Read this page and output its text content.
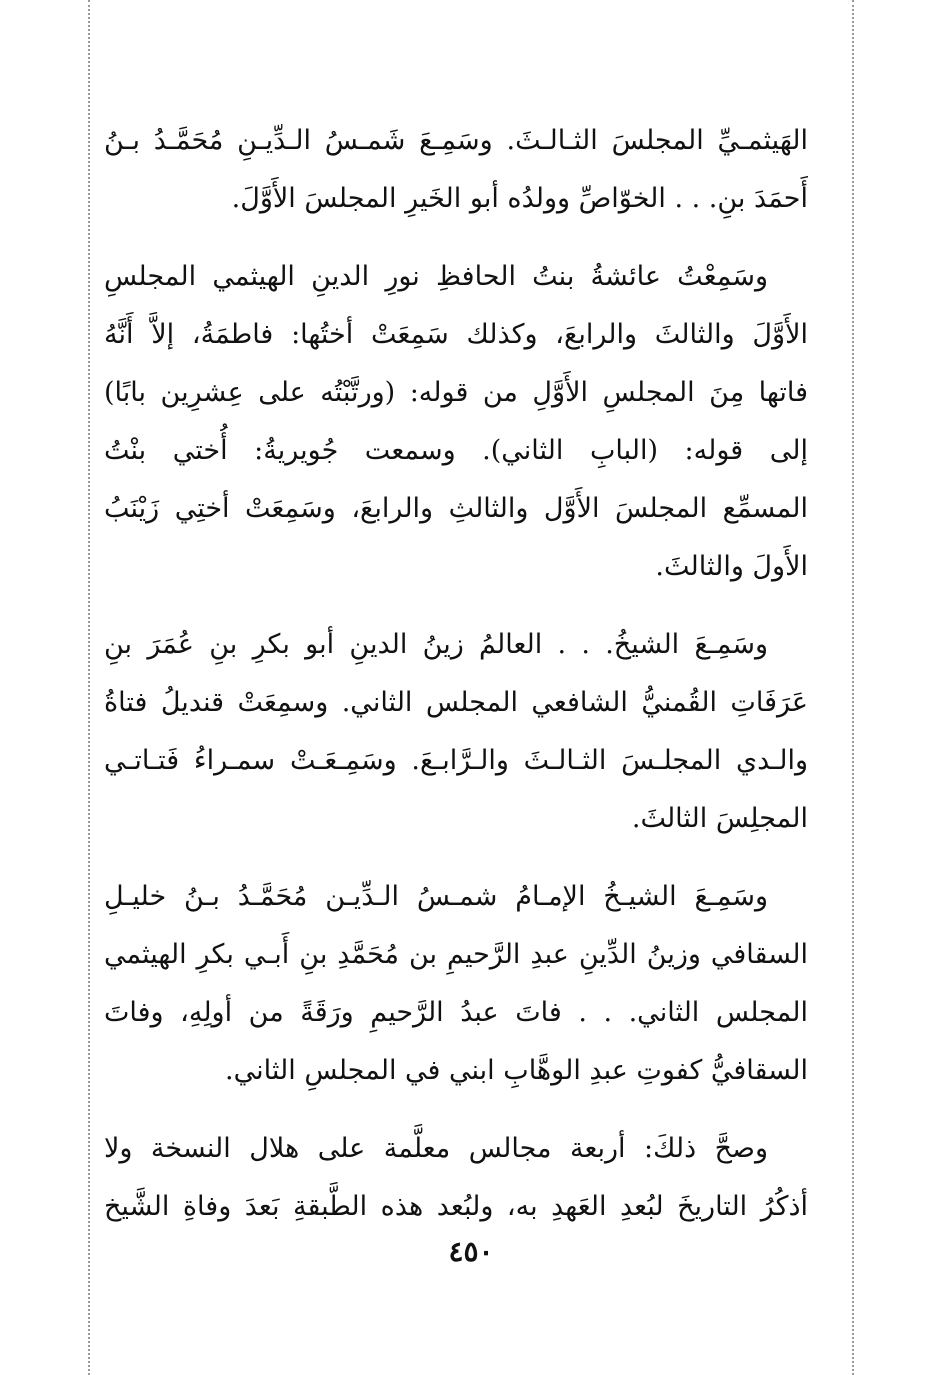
الهَيثمـيِّ المجلسَ الثـالـثَ. وسَمِـعَ شَمـسُ الـدِّيـنِ مُحَمَّـدُ بـنُ
أَحمَدَ بنِ. . . الخوّاصِّ وولدُه أبو الخَيرِ المجلسَ الأَوَّلَ.

وسَمِعْتُ عائشةُ بنتُ الحافظِ نورِ الدينِ الهيثمي المجلسِ
الأَوَّلَ والثالثَ والرابعَ، وكذلك سَمِعَتْ أختُها: فاطمَةُ، إلاَّ أَنَّهُ
فاتها مِنَ المجلسِ الأَوَّلِ من قوله: (ورتَّبْتُه على عِشرِين بابًا)
إلى قوله: (البابِ الثاني). وسمعت جُويريةُ: أُختي بنْتُ
المسمِّع المجلسَ الأَوَّل والثالثِ والرابعَ، وسَمِعَتْ أختِي زَيْنَبُ
الأَولَ والثالثَ.

وسَمِـعَ الشيخُ. . . العالمُ زينُ الدينِ أبو بكرِ بنِ عُمَرَ بنِ
عَرَفَاتِ القُمنيُّ الشافعي المجلس الثاني. وسمِعَتْ قنديلُ فتاةُ
والـدي المجلـسَ الثـالـثَ والـرَّابـعَ. وسَمِـعَـتْ سمـراءُ فَتـاتـي
المجلِسَ الثالثَ.

وسَمِـعَ الشيـخُ الإمـامُ شمـسُ الـدِّيـن مُحَمَّـدُ بـنُ خليـلِ
السقافي وزينُ الدِّينِ عبدِ الرَّحيمِ بن مُحَمَّدِ بنِ أَبـي بكرِ الهيثمي
المجلس الثاني. . . فاتَ عبدُ الرَّحيمِ ورَقَةً من أولِهِ، وفاتَ
السقافيُّ كفوتِ عبدِ الوهَّابِ ابني في المجلسِ الثاني.

وصحَّ ذلكَ: أربعة مجالس معلَّمة على هلال النسخة ولا
أذكُرُ التاريخَ لبُعدِ العَهدِ به، ولبُعد هذه الطَّبقةِ بَعدَ وفاةِ الشَّيخ

٤٥٠
